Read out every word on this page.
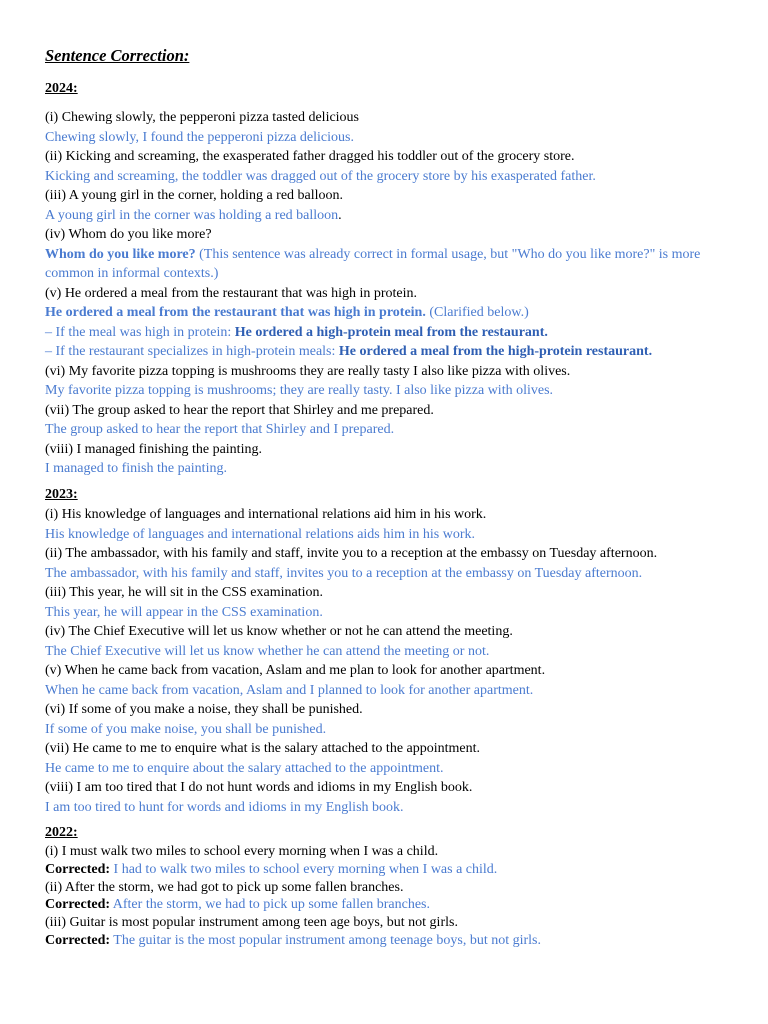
Sentence Correction:
2024:
(i) Chewing slowly, the pepperoni pizza tasted delicious
Chewing slowly, I found the pepperoni pizza delicious.
(ii) Kicking and screaming, the exasperated father dragged his toddler out of the grocery store.
Kicking and screaming, the toddler was dragged out of the grocery store by his exasperated father.
(iii) A young girl in the corner, holding a red balloon.
A young girl in the corner was holding a red balloon.
(iv) Whom do you like more?
Whom do you like more? (This sentence was already correct in formal usage, but "Who do you like more?" is more common in informal contexts.)
(v) He ordered a meal from the restaurant that was high in protein.
He ordered a meal from the restaurant that was high in protein. (Clarified below.)
– If the meal was high in protein: He ordered a high-protein meal from the restaurant.
– If the restaurant specializes in high-protein meals: He ordered a meal from the high-protein restaurant.
(vi) My favorite pizza topping is mushrooms they are really tasty I also like pizza with olives.
My favorite pizza topping is mushrooms; they are really tasty. I also like pizza with olives.
(vii) The group asked to hear the report that Shirley and me prepared.
The group asked to hear the report that Shirley and I prepared.
(viii) I managed finishing the painting.
I managed to finish the painting.
2023:
(i) His knowledge of languages and international relations aid him in his work.
His knowledge of languages and international relations aids him in his work.
(ii) The ambassador, with his family and staff, invite you to a reception at the embassy on Tuesday afternoon.
The ambassador, with his family and staff, invites you to a reception at the embassy on Tuesday afternoon.
(iii) This year, he will sit in the CSS examination.
This year, he will appear in the CSS examination.
(iv) The Chief Executive will let us know whether or not he can attend the meeting.
The Chief Executive will let us know whether he can attend the meeting or not.
(v) When he came back from vacation, Aslam and me plan to look for another apartment.
When he came back from vacation, Aslam and I planned to look for another apartment.
(vi) If some of you make a noise, they shall be punished.
If some of you make noise, you shall be punished.
(vii) He came to me to enquire what is the salary attached to the appointment.
He came to me to enquire about the salary attached to the appointment.
(viii) I am too tired that I do not hunt words and idioms in my English book.
I am too tired to hunt for words and idioms in my English book.
2022:
(i) I must walk two miles to school every morning when I was a child.
Corrected: I had to walk two miles to school every morning when I was a child.
(ii) After the storm, we had got to pick up some fallen branches.
Corrected: After the storm, we had to pick up some fallen branches.
(iii) Guitar is most popular instrument among teen age boys, but not girls.
Corrected: The guitar is the most popular instrument among teenage boys, but not girls.
